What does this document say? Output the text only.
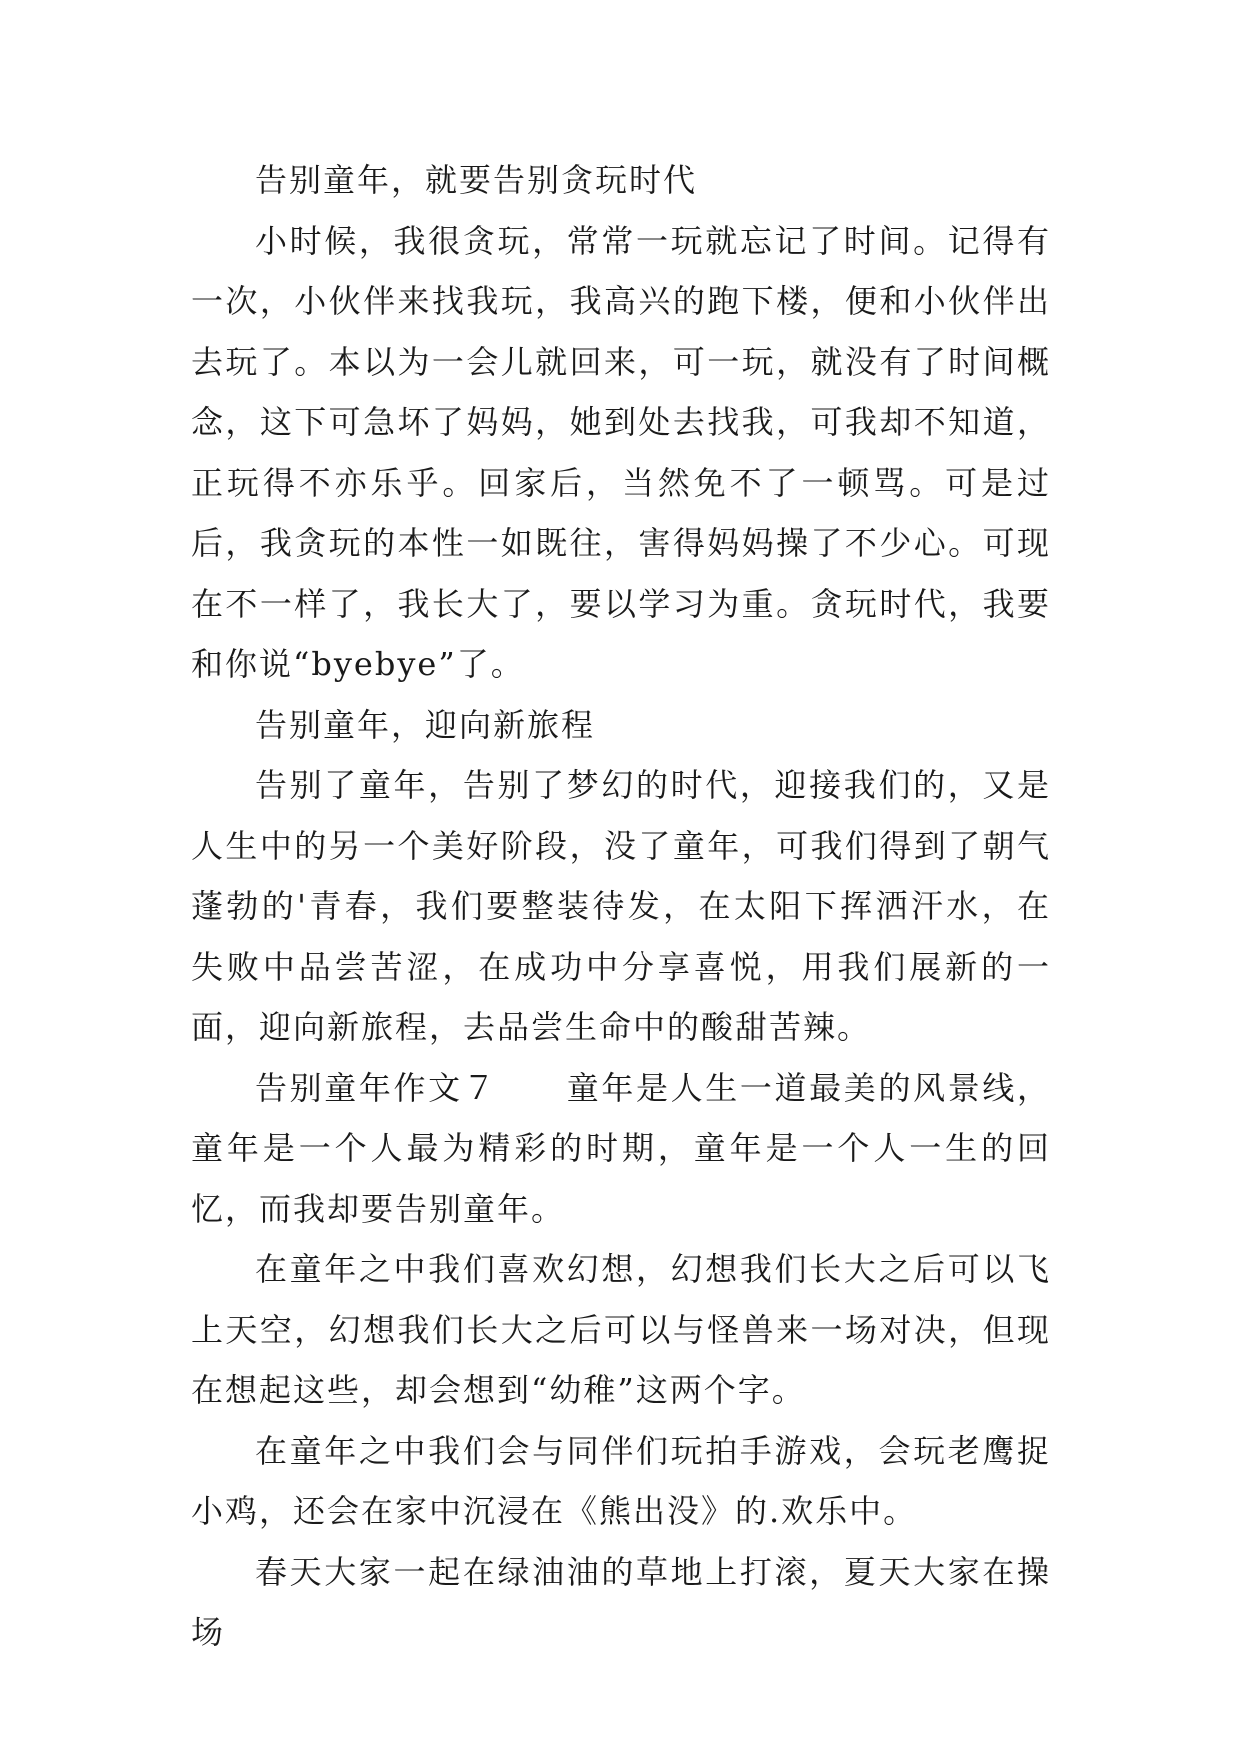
告别童年，就要告别贪玩时代

小时候，我很贪玩，常常一玩就忘记了时间。记得有一次，小伙伴来找我玩，我高兴的跑下楼，便和小伙伴出去玩了。本以为一会儿就回来，可一玩，就没有了时间概念，这下可急坏了妈妈，她到处去找我，可我却不知道，正玩得不亦乐乎。回家后，当然免不了一顿骂。可是过后，我贪玩的本性一如既往，害得妈妈操了不少心。可现在不一样了，我长大了，要以学习为重。贪玩时代，我要和你说“byebye”了。

告别童年，迎向新旅程

告别了童年，告别了梦幻的时代，迎接我们的，又是人生中的另一个美好阶段，没了童年，可我们得到了朝气蓬勃的'青春，我们要整装待发，在太阳下挥洒汗水，在失败中品尝苦涩，在成功中分享喜悦，用我们展新的一面，迎向新旅程，去品尝生命中的酸甜苦辣。

告别童年作文７　　童年是人生一道最美的风景线，童年是一个人最为精彩的时期，童年是一个人一生的回忆，而我却要告别童年。

在童年之中我们喜欢幻想，幻想我们长大之后可以飞上天空，幻想我们长大之后可以与怪兽来一场对决，但现在想起这些，却会想到“幼稚”这两个字。

在童年之中我们会与同伴们玩拍手游戏，会玩老鹰捉小鸡，还会在家中沉浸在《熊出没》的.欢乐中。

春天大家一起在绿油油的草地上打滚，夏天大家在操场
